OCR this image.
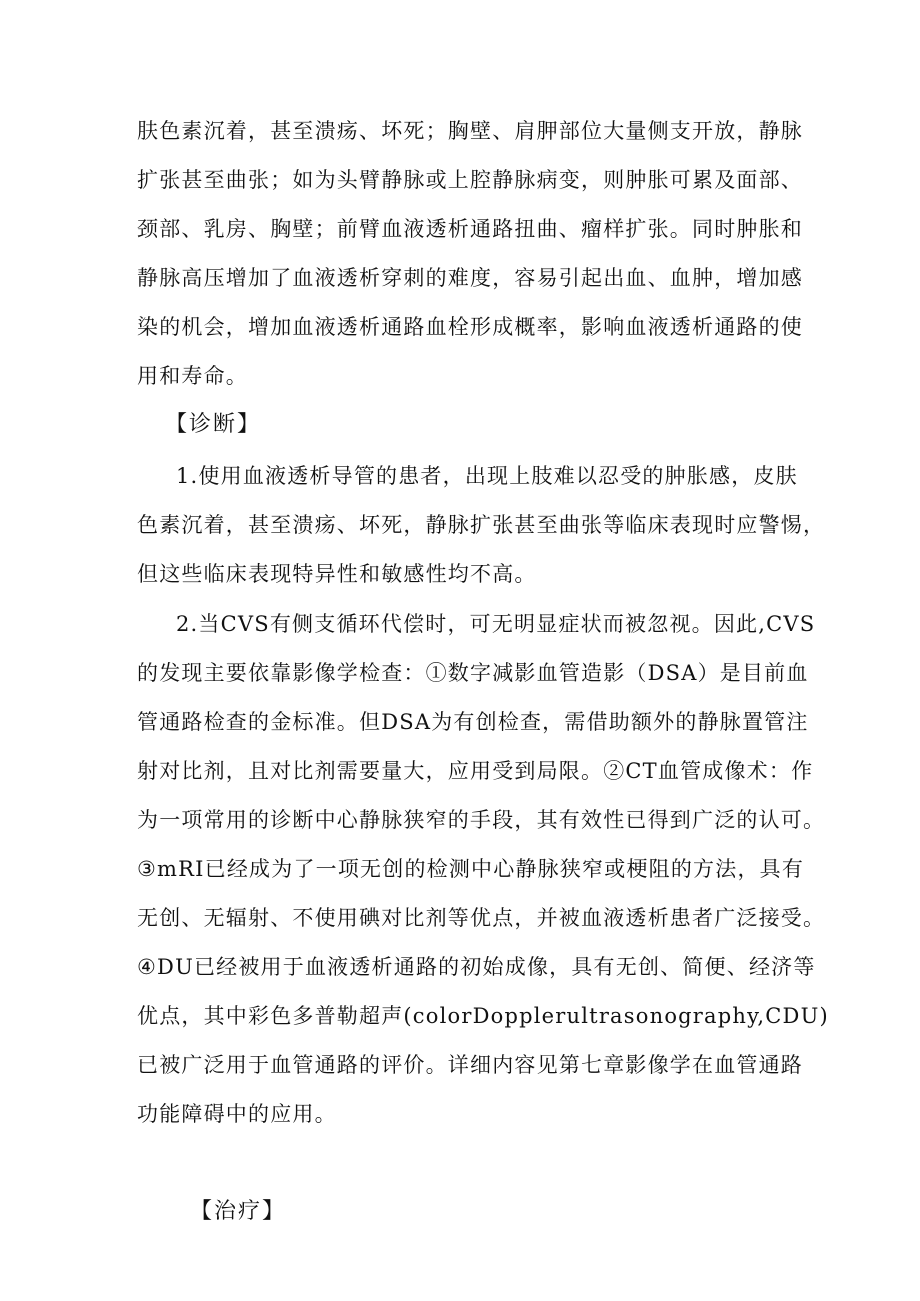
肤色素沉着，甚至溃疡、坏死；胸壁、肩胛部位大量侧支开放，静脉
扩张甚至曲张；如为头臂静脉或上腔静脉病变，则肿胀可累及面部、
颈部、乳房、胸壁；前臂血液透析通路扭曲、瘤样扩张。同时肿胀和
静脉高压增加了血液透析穿刺的难度，容易引起出血、血肿，增加感
染的机会，增加血液透析通路血栓形成概率，影响血液透析通路的使
用和寿命。
【诊断】
1.使用血液透析导管的患者，出现上肢难以忍受的肿胀感，皮肤
色素沉着，甚至溃疡、坏死，静脉扩张甚至曲张等临床表现时应警惕，
但这些临床表现特异性和敏感性均不高。
2.当CVS有侧支循环代偿时，可无明显症状而被忽视。因此,CVS
的发现主要依靠影像学检查：①数字减影血管造影（DSA）是目前血
管通路检查的金标准。但DSA为有创检查，需借助额外的静脉置管注
射对比剂，且对比剂需要量大，应用受到局限。②CT血管成像术：作
为一项常用的诊断中心静脉狭窄的手段，其有效性已得到广泛的认可。
③mRI已经成为了一项无创的检测中心静脉狭窄或梗阻的方法，具有
无创、无辐射、不使用碘对比剂等优点，并被血液透析患者广泛接受。
④DU已经被用于血液透析通路的初始成像，具有无创、简便、经济等
优点，其中彩色多普勒超声(colorDopplerultrasonography,CDU)
已被广泛用于血管通路的评价。详细内容见第七章影像学在血管通路
功能障碍中的应用。
【治疗】
